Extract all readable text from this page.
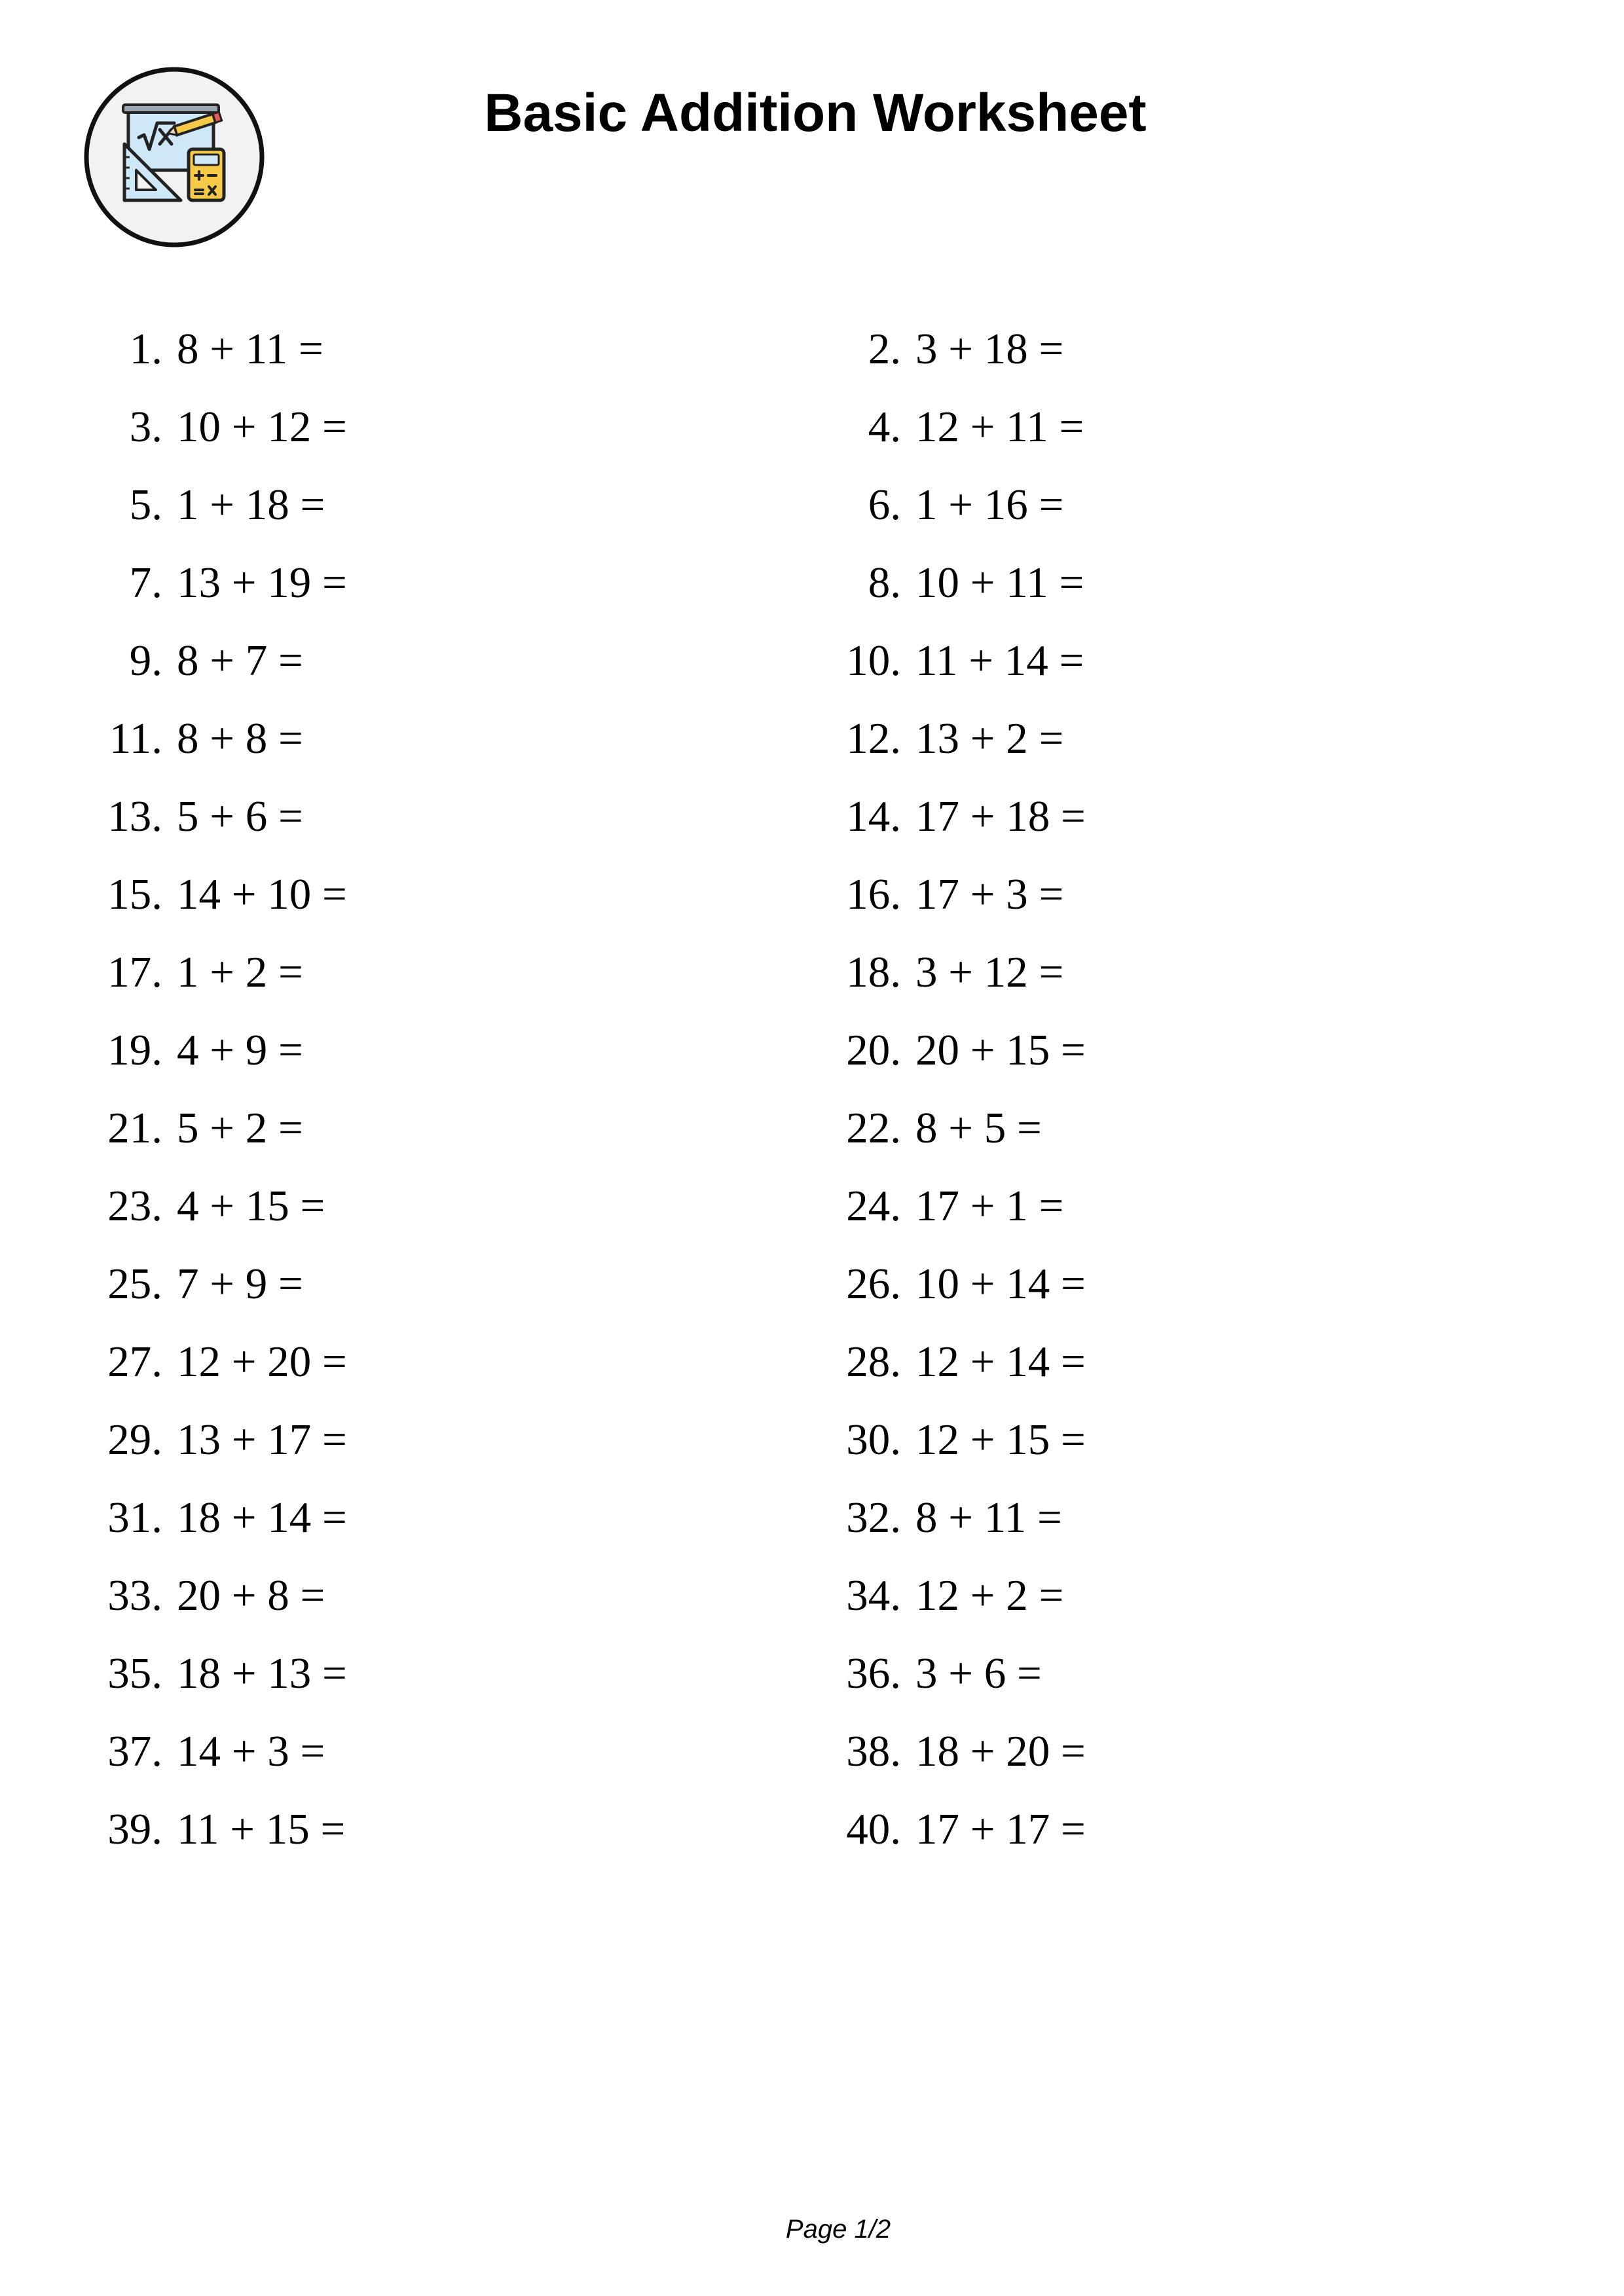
Basic Addition Worksheet
1. 8 + 11 =	2. 3 + 18 =
3. 10 + 12 =	4. 12 + 11 =
5. 1 + 18 =	6. 1 + 16 =
7. 13 + 19 =	8. 10 + 11 =
9. 8 + 7 =	10. 11 + 14 =
11. 8 + 8 =	12. 13 + 2 =
13. 5 + 6 =	14. 17 + 18 =
15. 14 + 10 =	16. 17 + 3 =
17. 1 + 2 =	18. 3 + 12 =
19. 4 + 9 =	20. 20 + 15 =
21. 5 + 2 =	22. 8 + 5 =
23. 4 + 15 =	24. 17 + 1 =
25. 7 + 9 =	26. 10 + 14 =
27. 12 + 20 =	28. 12 + 14 =
29. 13 + 17 =	30. 12 + 15 =
31. 18 + 14 =	32. 8 + 11 =
33. 20 + 8 =	34. 12 + 2 =
35. 18 + 13 =	36. 3 + 6 =
37. 14 + 3 =	38. 18 + 20 =
39. 11 + 15 =	40. 17 + 17 =
Page 1/2
